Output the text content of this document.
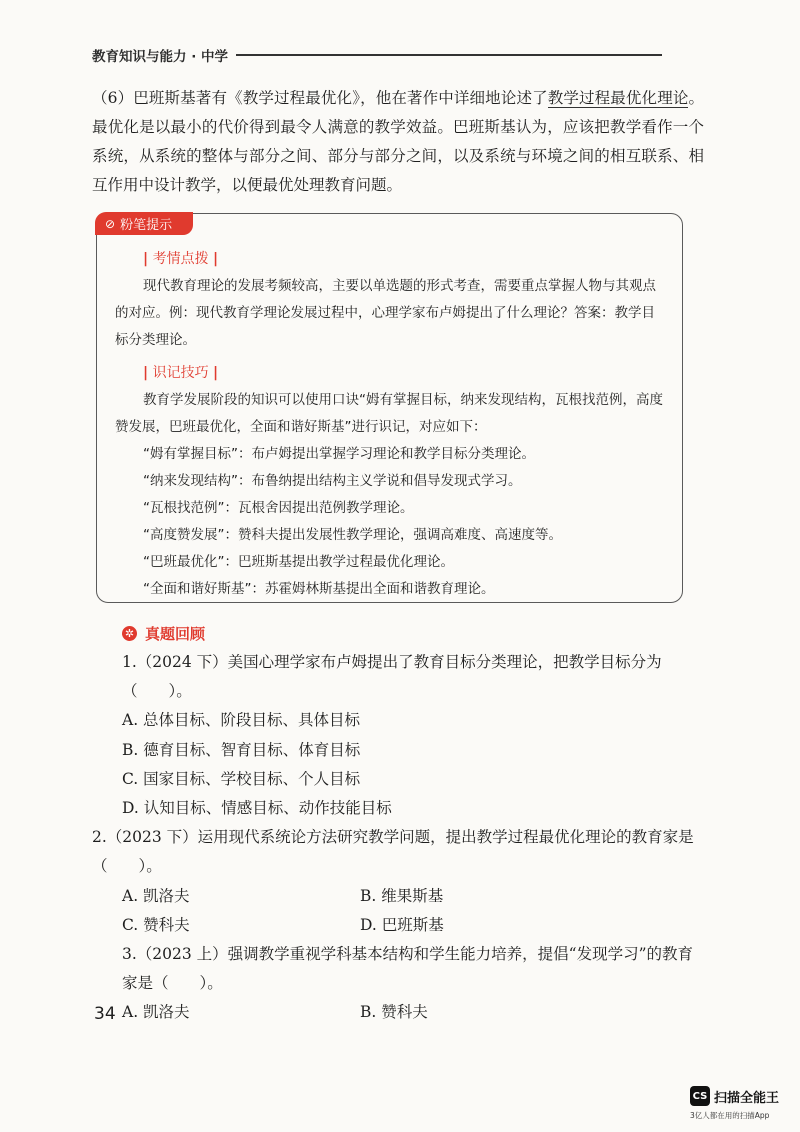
教育知识与能力 · 中学

（6）巴班斯基著有《教学过程最优化》，他在著作中详细地论述了教学过程最优化理论。最优化是以最小的代价得到最令人满意的教学效益。巴班斯基认为，应该把教学看作一个系统，从系统的整体与部分之间、部分与部分之间，以及系统与环境之间的相互联系、相互作用中设计教学，以便最优处理教育问题。

⊘ 粉笔提示
| 考情点拨 |

现代教育理论的发展考频较高，主要以单选题的形式考查，需要重点掌握人物与其观点的对应。例：现代教育学理论发展过程中，心理学家布卢姆提出了什么理论？答案：教学目标分类理论。

| 识记技巧 |

教育学发展阶段的知识可以使用口诀“姆有掌握目标，纳来发现结构，瓦根找范例，高度赞发展，巴班最优化，全面和谐好斯基”进行识记，对应如下：

“姆有掌握目标”：布卢姆提出掌握学习理论和教学目标分类理论。

“纳来发现结构”：布鲁纳提出结构主义学说和倡导发现式学习。

“瓦根找范例”：瓦根舍因提出范例教学理论。

“高度赞发展”：赞科夫提出发展性教学理论，强调高难度、高速度等。

“巴班最优化”：巴班斯基提出教学过程最优化理论。

“全面和谐好斯基”：苏霍姆林斯基提出全面和谐教育理论。

✲ 真题回顾

1.（2024 下）美国心理学家布卢姆提出了教育目标分类理论，把教学目标分为（　　）。

A. 总体目标、阶段目标、具体目标

B. 德育目标、智育目标、体育目标

C. 国家目标、学校目标、个人目标

D. 认知目标、情感目标、动作技能目标

2.（2023 下）运用现代系统论方法研究教学问题，提出教学过程最优化理论的教育家是（　　）。

A. 凯洛夫	B. 维果斯基

C. 赞科夫	D. 巴班斯基

3.（2023 上）强调教学重视学科基本结构和学生能力培养，提倡“发现学习”的教育家是（　　）。

A. 凯洛夫	B. 赞科夫

34
CS 扫描全能王
3亿人都在用的扫描App
